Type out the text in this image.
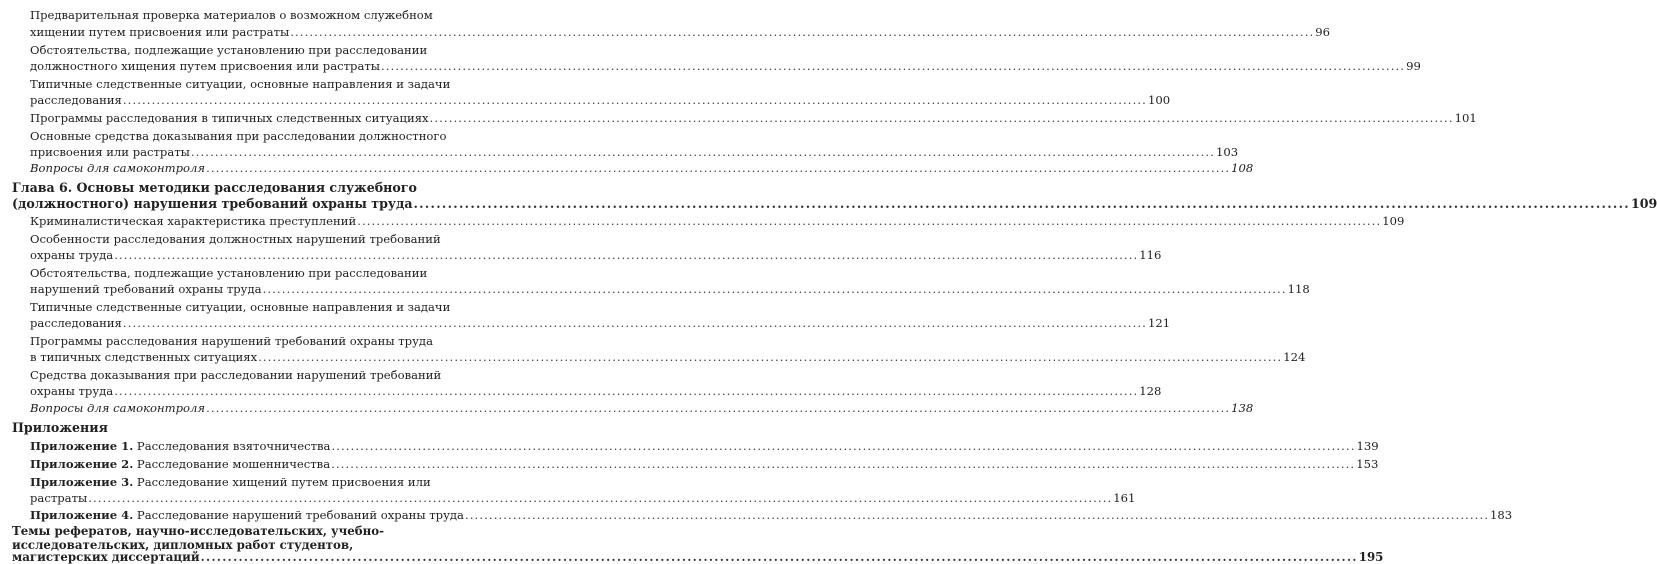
Предварительная проверка материалов о возможном служебном
хищении путем присвоения или растраты .....	96
Обстоятельства, подлежащие установлению при расследовании
должностного хищения путем присвоения или растраты .....	99
Типичные следственные ситуации, основные направления и задачи
расследования .....	100
Программы расследования в типичных следственных ситуациях .....	101
Основные средства доказывания при расследовании должностного
присвоения или растраты .....	103
Вопросы для самоконтроля .....	108
Глава 6. Основы методики расследования служебного
(должностного) нарушения требований охраны труда .....	109
Криминалистическая характеристика преступлений .....	109
Особенности расследования должностных нарушений требований
охраны труда .....	116
Обстоятельства, подлежащие установлению при расследовании
нарушений требований охраны труда .....	118
Типичные следственные ситуации, основные направления и задачи
расследования .....	121
Программы расследования нарушений требований охраны труда
в типичных следственных ситуациях .....	124
Средства доказывания при расследовании нарушений требований
охраны труда .....	128
Вопросы для самоконтроля .....	138
Приложения
Приложение 1. Расследования взяточничества .....	139
Приложение 2. Расследование мошенничества .....	153
Приложение 3. Расследование хищений путем присвоения или
растраты .....	161
Приложение 4. Расследование нарушений требований охраны труда .....	183
Темы рефератов, научно-исследовательских, учебно-
исследовательских, дипломных работ студентов,
магистерских диссертаций .....	195
